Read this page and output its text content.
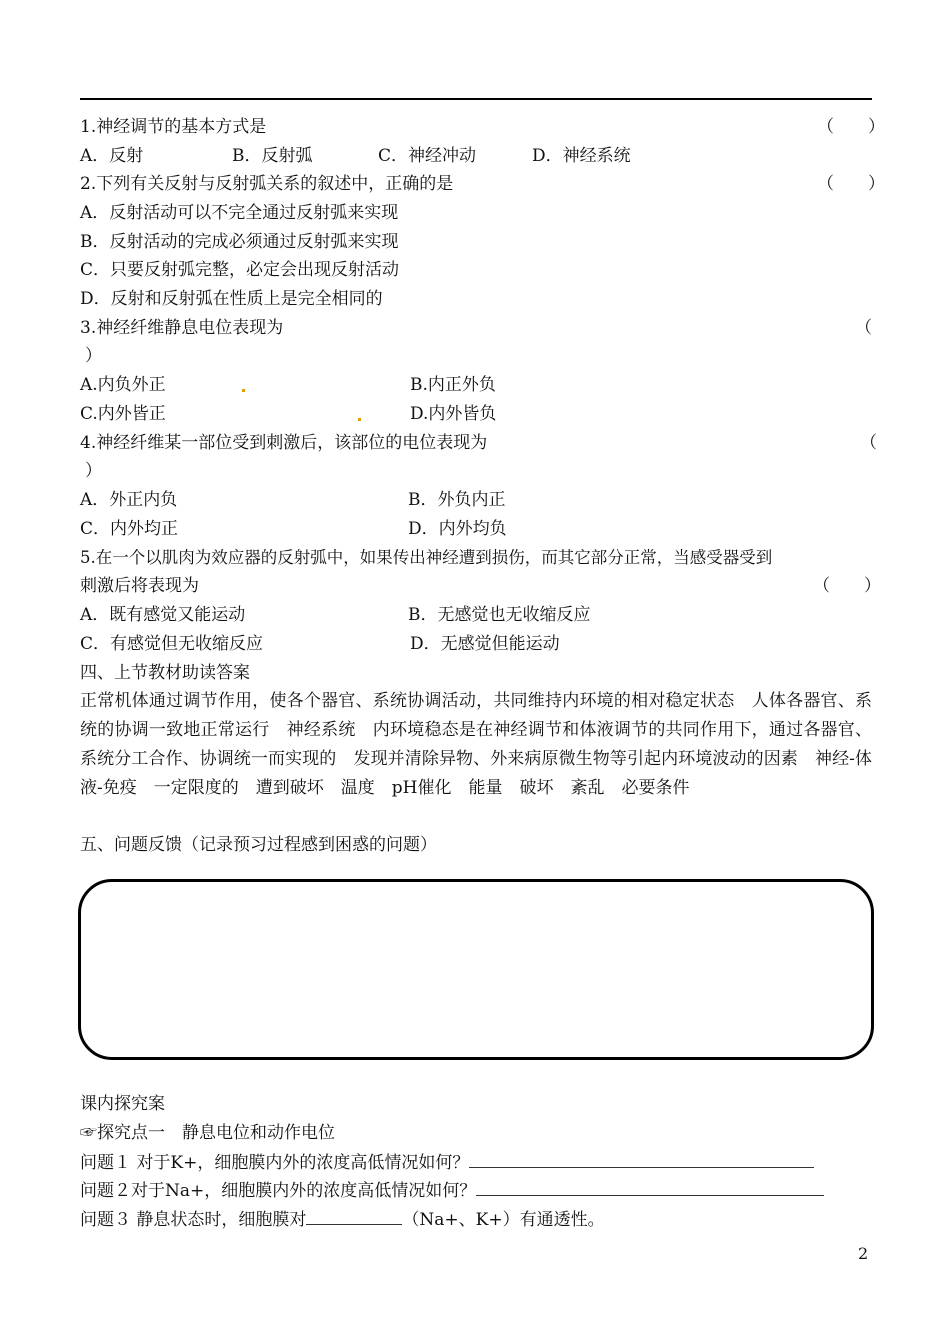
1.神经调节的基本方式是	（　　）
A．反射	B．反射弧	C．神经冲动	D．神经系统
2.下列有关反射与反射弧关系的叙述中，正确的是	（　　）
A．反射活动可以不完全通过反射弧来实现
B．反射活动的完成必须通过反射弧来实现
C．只要反射弧完整，必定会出现反射活动
D．反射和反射弧在性质上是完全相同的
3.神经纤维静息电位表现为	（
）
A.内负外正	B.内正外负
C.内外皆正	D.内外皆负
4.神经纤维某一部位受到刺激后，该部位的电位表现为	（
）
A．外正内负	B．外负内正
C．内外均正	D．内外均负
5.在一个以肌肉为效应器的反射弧中，如果传出神经遭到损伤，而其它部分正常，当感受器受到
刺激后将表现为	（　　）
A．既有感觉又能运动	B．无感觉也无收缩反应
C．有感觉但无收缩反应	D．无感觉但能运动
四、上节教材助读答案
正常机体通过调节作用，使各个器官、系统协调活动，共同维持内环境的相对稳定状态　人体各器官、系统的协调一致地正常运行　神经系统　内环境稳态是在神经调节和体液调节的共同作用下，通过各器官、系统分工合作、协调统一而实现的　发现并清除异物、外来病原微生物等引起内环境波动的因素　神经-体液-免疫　一定限度的　遭到破坏　温度　pH催化　能量　破坏　紊乱　必要条件
五、问题反馈（记录预习过程感到困惑的问题）
课内探究案
☞探究点一　静息电位和动作电位
问题１ 对于K+，细胞膜内外的浓度高低情况如何？
问题２对于Na+，细胞膜内外的浓度高低情况如何？
问题３ 静息状态时，细胞膜对	（Na+、K+）有通透性。
2
